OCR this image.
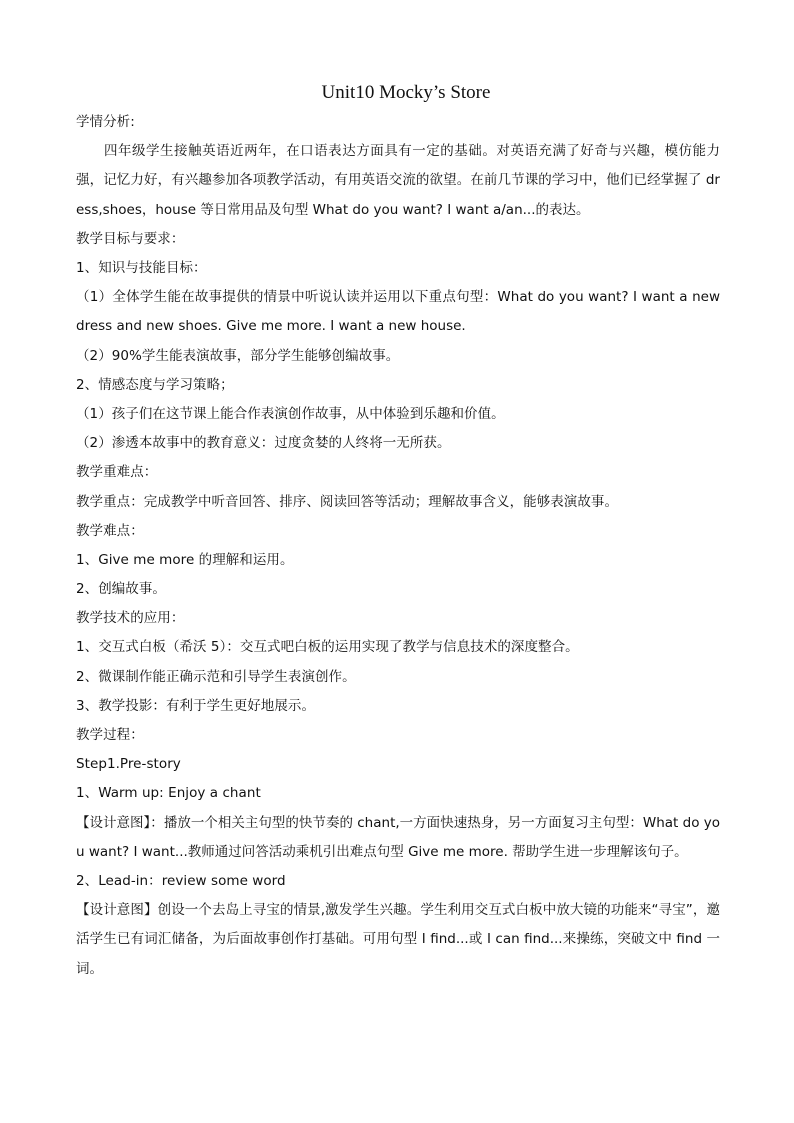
Unit10 Mocky’s Store
学情分析:
四年级学生接触英语近两年，在口语表达方面具有一定的基础。对英语充满了好奇与兴趣，模仿能力强，记忆力好，有兴趣参加各项教学活动，有用英语交流的欲望。在前几节课的学习中，他们已经掌握了 dress,shoes，house 等日常用品及句型 What do you want? I want a/an...的表达。
教学目标与要求：
1、知识与技能目标：
（1）全体学生能在故事提供的情景中听说认读并运用以下重点句型：What do you want? I want a new dress and new shoes. Give me more. I want a new house.
（2）90%学生能表演故事，部分学生能够创编故事。
2、情感态度与学习策略；
（1）孩子们在这节课上能合作表演创作故事，从中体验到乐趣和价值。
（2）渗透本故事中的教育意义：过度贪婪的人终将一无所获。
教学重难点：
教学重点：完成教学中听音回答、排序、阅读回答等活动；理解故事含义，能够表演故事。
教学难点：
1、Give me more 的理解和运用。
2、创编故事。
教学技术的应用：
1、交互式白板（希沃 5）：交互式吧白板的运用实现了教学与信息技术的深度整合。
2、微课制作能正确示范和引导学生表演创作。
3、教学投影：有利于学生更好地展示。
教学过程：
Step1.Pre-story
1、Warm up: Enjoy a chant
【设计意图】：播放一个相关主句型的快节奏的 chant,一方面快速热身，另一方面复习主句型：What do you want? I want...教师通过问答活动乘机引出难点句型 Give me more. 帮助学生进一步理解该句子。
2、Lead-in：review some word
【设计意图】创设一个去岛上寻宝的情景,激发学生兴趣。学生利用交互式白板中放大镜的功能来“寻宝”，邀活学生已有词汇储备，为后面故事创作打基础。可用句型 I find...或 I can find...来操练，突破文中 find 一词。
